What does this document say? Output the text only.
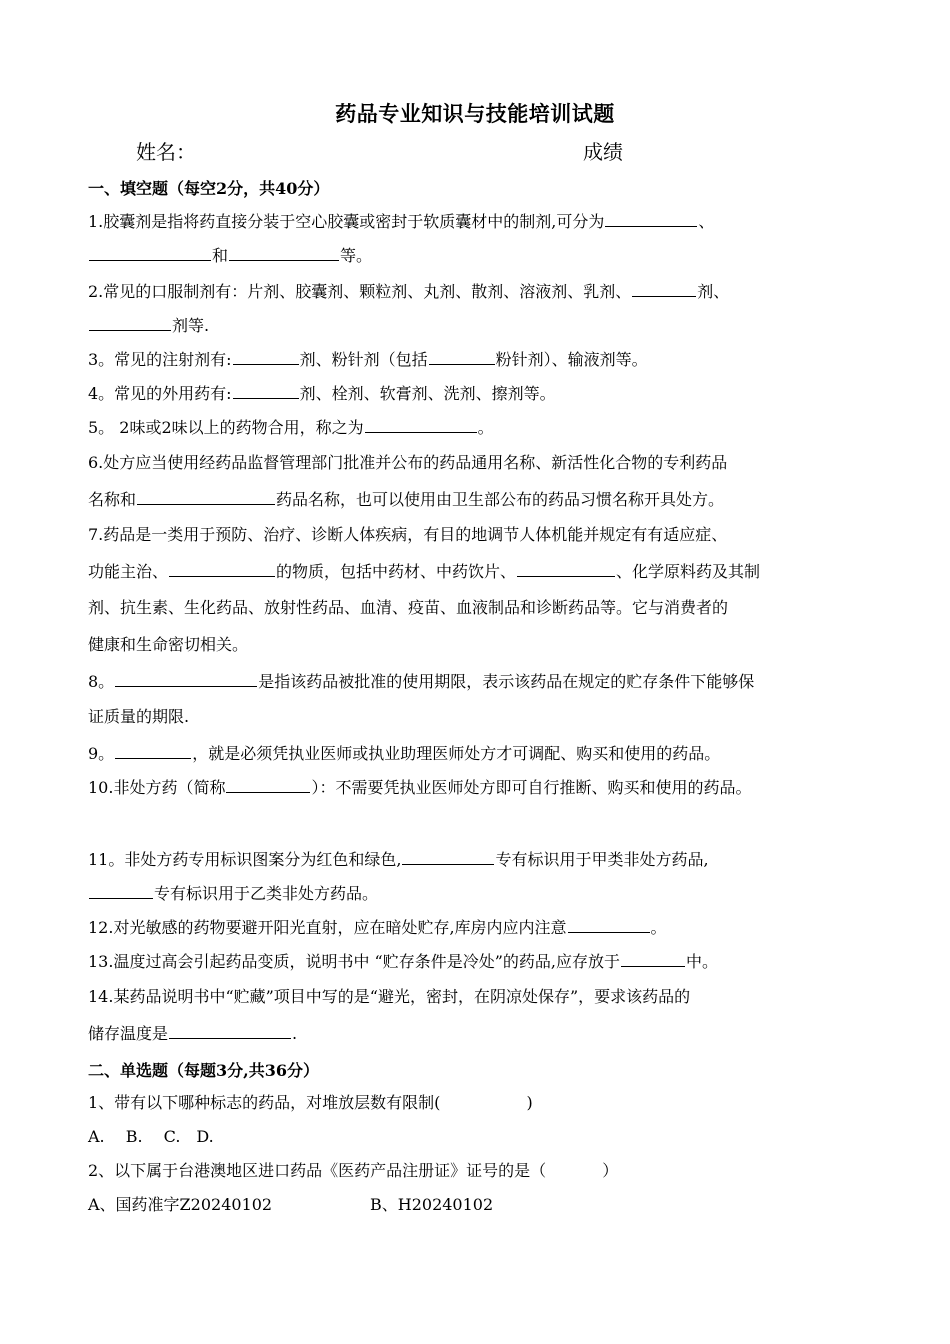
药品专业知识与技能培训试题
姓名：	成绩
一、填空题（每空2分，共40分）
1.胶囊剂是指将药直接分装于空心胶囊或密封于软质囊材中的制剂,可分为	、
和	等。
2.常见的口服制剂有：片剂、胶囊剂、颗粒剂、丸剂、散剂、溶液剂、乳剂、	剂、
剂等.
3。常见的注射剂有:	剂、粉针剂（包括	粉针剂）、输液剂等。
4。常见的外用药有:	剂、栓剂、软膏剂、洗剂、擦剂等。
5。 2味或2味以上的药物合用，称之为	。
6.处方应当使用经药品监督管理部门批准并公布的药品通用名称、新活性化合物的专利药品
名称和	药品名称，也可以使用由卫生部公布的药品习惯名称开具处方。
7.药品是一类用于预防、治疗、诊断人体疾病，有目的地调节人体机能并规定有有适应症、
功能主治、	的物质，包括中药材、中药饮片、	、化学原料药及其制
剂、抗生素、生化药品、放射性药品、血清、疫苗、血液制品和诊断药品等。它与消费者的
健康和生命密切相关。
8。	是指该药品被批准的使用期限，表示该药品在规定的贮存条件下能够保
证质量的期限.
9。	，就是必须凭执业医师或执业助理医师处方才可调配、购买和使用的药品。
10.非处方药（简称	）：不需要凭执业医师处方即可自行推断、购买和使用的药品。
11。非处方药专用标识图案分为红色和绿色,	专有标识用于甲类非处方药品,
专有标识用于乙类非处方药品。
12.对光敏感的药物要避开阳光直射，应在暗处贮存,库房内应内注意	。
13.温度过高会引起药品变质，说明书中 “贮存条件是冷处”的药品,应存放于	中。
14.某药品说明书中“贮藏”项目中写的是“避光，密封，在阴凉处保存”，要求该药品的
储存温度是	.
二、单选题（每题3分,共36分）
1、带有以下哪种标志的药品，对堆放层数有限制(	)
A.　 B.　 C.　D.
2、以下属于台港澳地区进口药品《医药产品注册证》证号的是（	）
A、国药准字Z20240102	B、H20240102
